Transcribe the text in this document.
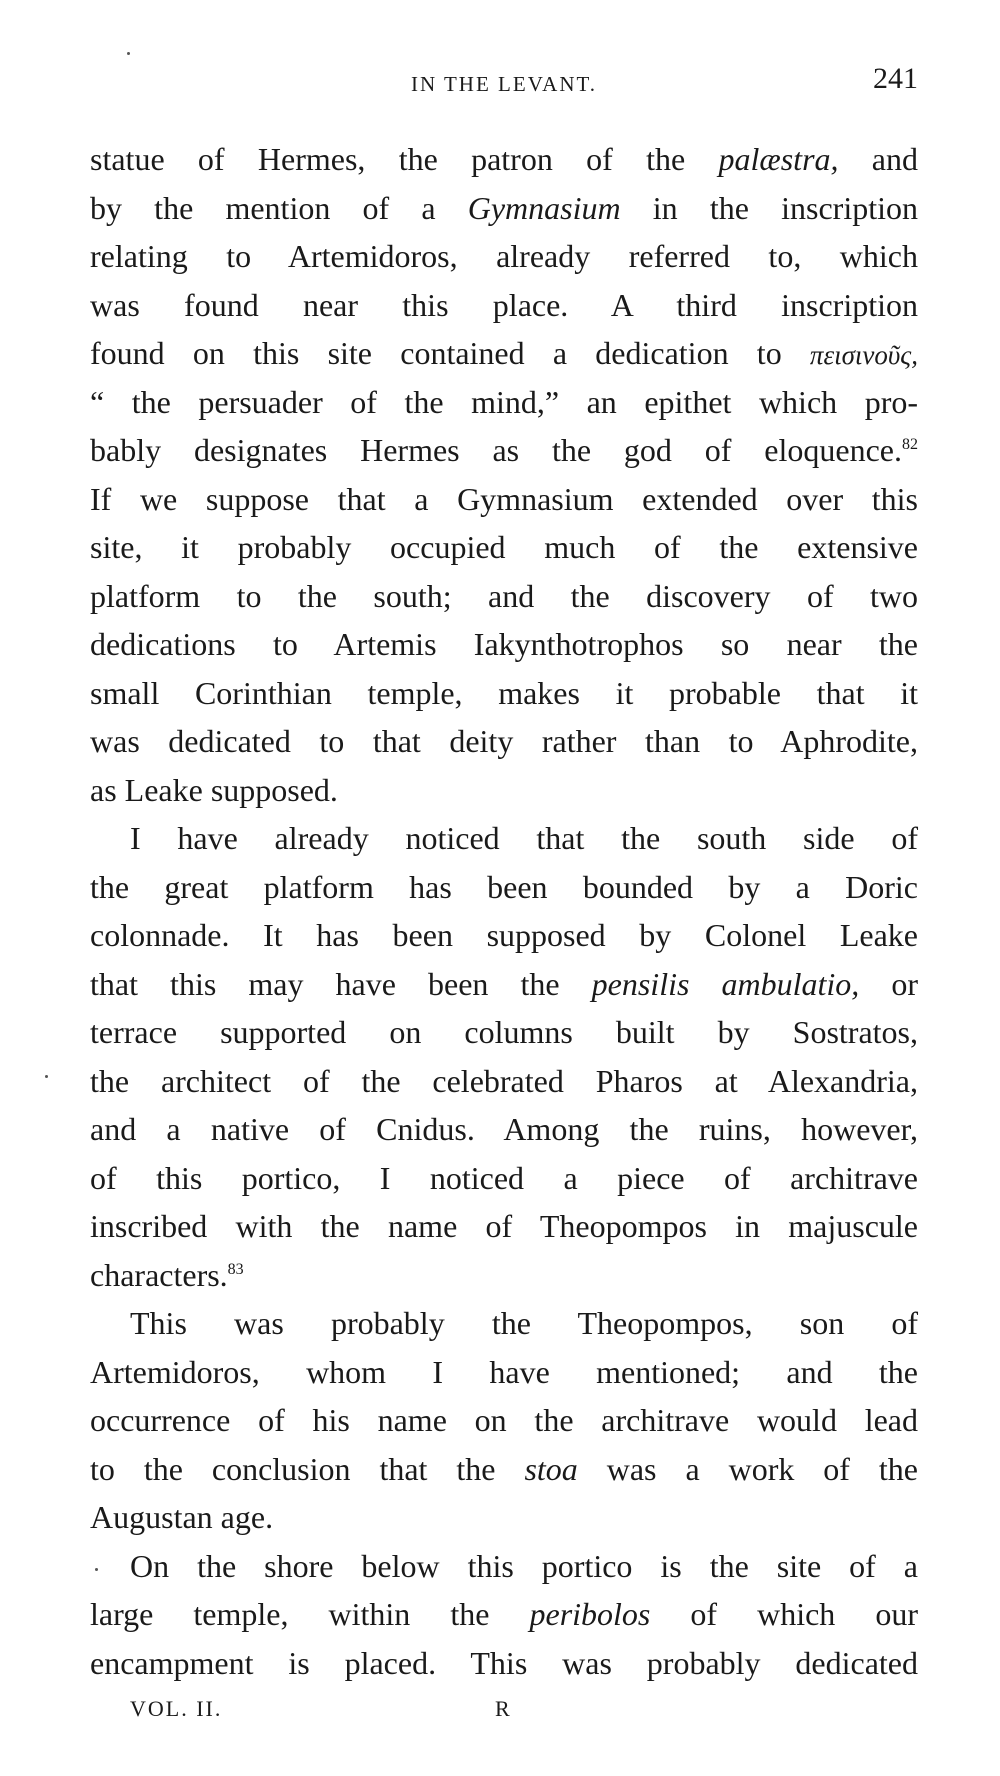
IN THE LEVANT.	241
statue of Hermes, the patron of the palæstra, and
by the mention of a Gymnasium in the inscription
relating to Artemidoros, already referred to, which
was found near this place. A third inscription
found on this site contained a dedication to πεισινοῦς,
“ the persuader of the mind,” an epithet which pro-
bably designates Hermes as the god of eloquence.$^{82}$
If we suppose that a Gymnasium extended over this
site, it probably occupied much of the extensive
platform to the south; and the discovery of two
dedications to Artemis Iakynthotrophos so near the
small Corinthian temple, makes it probable that it
was dedicated to that deity rather than to Aphrodite,
as Leake supposed.
I have already noticed that the south side of
the great platform has been bounded by a Doric
colonnade. It has been supposed by Colonel Leake
that this may have been the pensilis ambulatio, or
terrace supported on columns built by Sostratos,
the architect of the celebrated Pharos at Alexandria,
and a native of Cnidus. Among the ruins, however,
of this portico, I noticed a piece of architrave
inscribed with the name of Theopompos in majuscule
characters.$^{83}$
This was probably the Theopompos, son of
Artemidoros, whom I have mentioned; and the
occurrence of his name on the architrave would lead
to the conclusion that the stoa was a work of the
Augustan age.
On the shore below this portico is the site of a
large temple, within the peribolos of which our
encampment is placed. This was probably dedicated
VOL. II.	R
